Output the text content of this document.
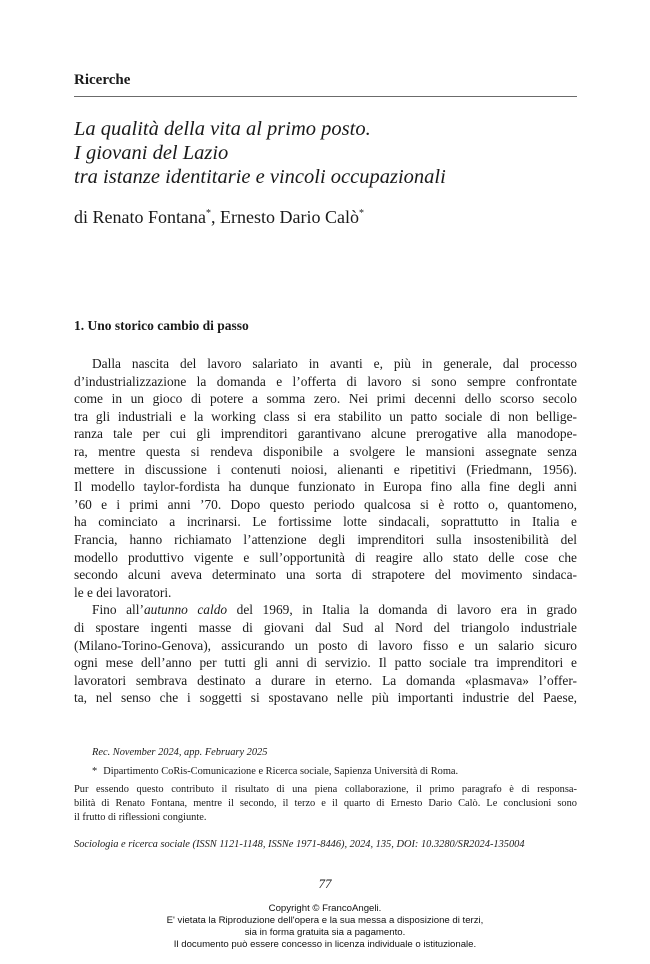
Ricerche
La qualità della vita al primo posto.
I giovani del Lazio
tra istanze identitarie e vincoli occupazionali
di Renato Fontana*, Ernesto Dario Calò*
1. Uno storico cambio di passo
Dalla nascita del lavoro salariato in avanti e, più in generale, dal processo
d’industrializzazione la domanda e l’offerta di lavoro si sono sempre confrontate
come in un gioco di potere a somma zero. Nei primi decenni dello scorso secolo
tra gli industriali e la working class si era stabilito un patto sociale di non bellige-
ranza tale per cui gli imprenditori garantivano alcune prerogative alla manodope-
ra, mentre questa si rendeva disponibile a svolgere le mansioni assegnate senza
mettere in discussione i contenuti noiosi, alienanti e ripetitivi (Friedmann, 1956).
Il modello taylor-fordista ha dunque funzionato in Europa fino alla fine degli anni
’60 e i primi anni ’70. Dopo questo periodo qualcosa si è rotto o, quantomeno,
ha cominciato a incrinarsi. Le fortissime lotte sindacali, soprattutto in Italia e
Francia, hanno richiamato l’attenzione degli imprenditori sulla insostenibilità del
modello produttivo vigente e sull’opportunità di reagire allo stato delle cose che
secondo alcuni aveva determinato una sorta di strapotere del movimento sindaca-
le e dei lavoratori.
Fino all’autunno caldo del 1969, in Italia la domanda di lavoro era in grado
di spostare ingenti masse di giovani dal Sud al Nord del triangolo industriale
(Milano-Torino-Genova), assicurando un posto di lavoro fisso e un salario sicuro
ogni mese dell’anno per tutti gli anni di servizio. Il patto sociale tra imprenditori e
lavoratori sembrava destinato a durare in eterno. La domanda «plasmava» l’offer-
ta, nel senso che i soggetti si spostavano nelle più importanti industrie del Paese,
Rec. November 2024, app. February 2025
* Dipartimento CoRis-Comunicazione e Ricerca sociale, Sapienza Università di Roma.
Pur essendo questo contributo il risultato di una piena collaborazione, il primo paragrafo è di responsa-
bilità di Renato Fontana, mentre il secondo, il terzo e il quarto di Ernesto Dario Calò. Le conclusioni sono
il frutto di riflessioni congiunte.
Sociologia e ricerca sociale (ISSN 1121-1148, ISSNe 1971-8446), 2024, 135, DOI: 10.3280/SR2024-135004
77
Copyright © FrancoAngeli.
E' vietata la Riproduzione dell'opera e la sua messa a disposizione di terzi,
sia in forma gratuita sia a pagamento.
Il documento può essere concesso in licenza individuale o istituzionale.
